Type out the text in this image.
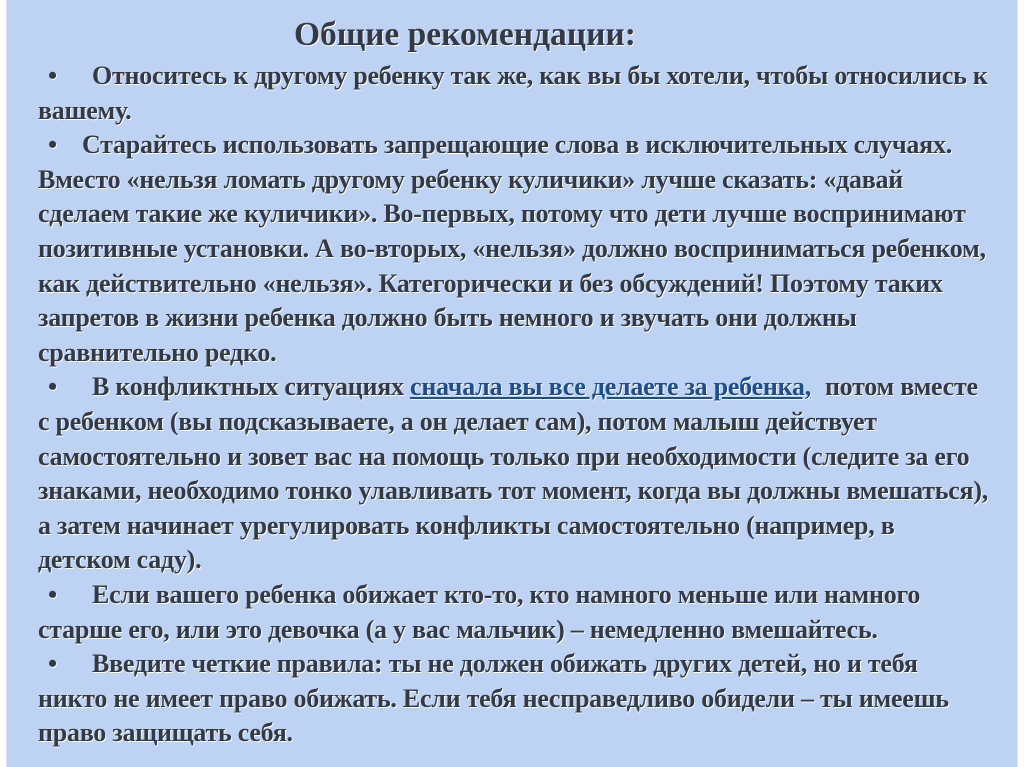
Общие рекомендации:

• Относитесь к другому ребенку так же, как вы бы хотели, чтобы относились к вашему.

• Старайтесь использовать запрещающие слова в исключительных случаях. Вместо «нельзя ломать другому ребенку куличики» лучше сказать: «давай сделаем такие же куличики». Во-первых, потому что дети лучше воспринимают позитивные установки. А во-вторых, «нельзя» должно восприниматься ребенком, как действительно «нельзя». Категорически и без обсуждений! Поэтому таких запретов в жизни ребенка должно быть немного и звучать они должны сравнительно редко.

• В конфликтных ситуациях сначала вы все делаете за ребенка, потом вместе с ребенком (вы подсказываете, а он делает сам), потом малыш действует самостоятельно и зовет вас на помощь только при необходимости (следите за его знаками, необходимо тонко улавливать тот момент, когда вы должны вмешаться), а затем начинает урегулировать конфликты самостоятельно (например, в детском саду).

• Если вашего ребенка обижает кто-то, кто намного меньше или намного старше его, или это девочка (а у вас мальчик) – немедленно вмешайтесь.

• Введите четкие правила: ты не должен обижать других детей, но и тебя никто не имеет право обижать. Если тебя несправедливо обидели – ты имеешь право защищать себя.
